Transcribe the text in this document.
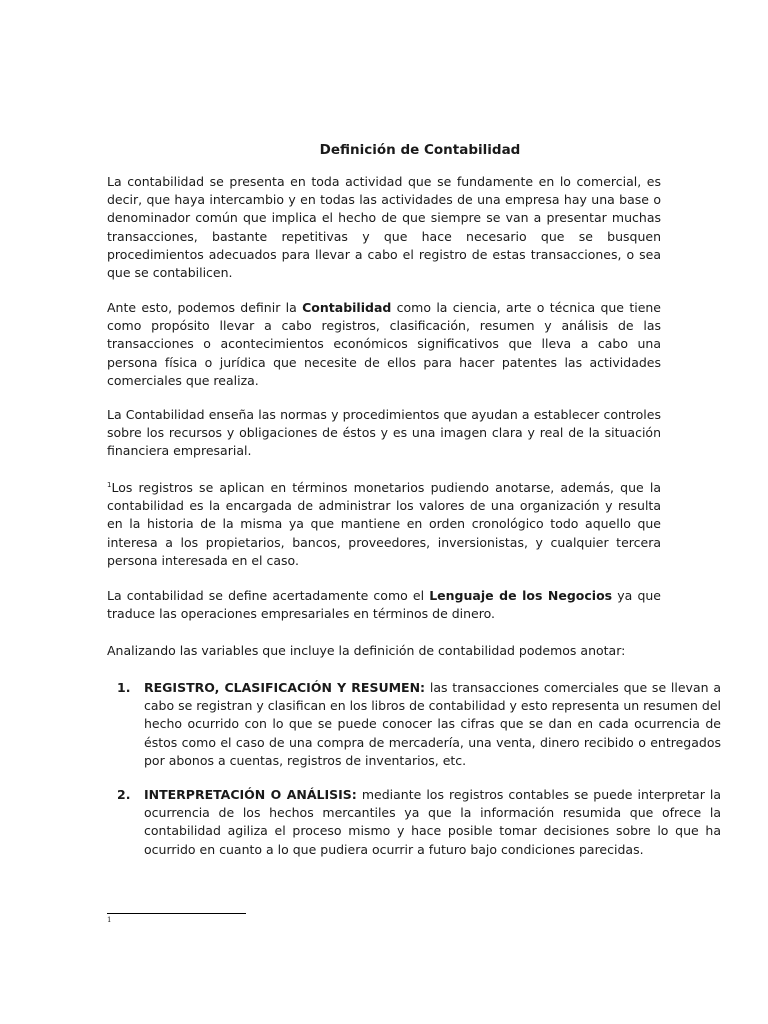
Definición de Contabilidad

La contabilidad se presenta en toda actividad que se fundamente en lo comercial, es decir, que haya intercambio y en todas las actividades de una empresa hay una base o denominador común que implica el hecho de que siempre se van a presentar muchas transacciones, bastante repetitivas y que hace necesario que se busquen procedimientos adecuados para llevar a cabo el registro de estas transacciones, o sea que se contabilicen.

Ante esto, podemos definir la Contabilidad como la ciencia, arte o técnica que tiene como propósito llevar a cabo registros, clasificación, resumen y análisis de las transacciones o acontecimientos económicos significativos que lleva a cabo una persona física o jurídica que necesite de ellos para hacer patentes las actividades comerciales que realiza.

La Contabilidad enseña las normas y procedimientos que ayudan a establecer controles sobre los recursos y obligaciones de éstos y es una imagen clara y real de la situación financiera empresarial.

$^1$Los registros se aplican en términos monetarios pudiendo anotarse, además, que la contabilidad es la encargada de administrar los valores de una organización y resulta en la historia de la misma ya que mantiene en orden cronológico todo aquello que interesa a los propietarios, bancos, proveedores, inversionistas, y cualquier tercera persona interesada en el caso.

La contabilidad se define acertadamente como el Lenguaje de los Negocios ya que traduce las operaciones empresariales en términos de dinero.

Analizando las variables que incluye la definición de contabilidad podemos anotar:

1. REGISTRO, CLASIFICACIÓN Y RESUMEN: las transacciones comerciales que se llevan a cabo se registran y clasifican en los libros de contabilidad y esto representa un resumen del hecho ocurrido con lo que se puede conocer las cifras que se dan en cada ocurrencia de éstos como el caso de una compra de mercadería, una venta, dinero recibido o entregados por abonos a cuentas, registros de inventarios, etc.

2. INTERPRETACIÓN O ANÁLISIS: mediante los registros contables se puede interpretar la ocurrencia de los hechos mercantiles ya que la información resumida que ofrece la contabilidad agiliza el proceso mismo y hace posible tomar decisiones sobre lo que ha ocurrido en cuanto a lo que pudiera ocurrir a futuro bajo condiciones parecidas.

1
